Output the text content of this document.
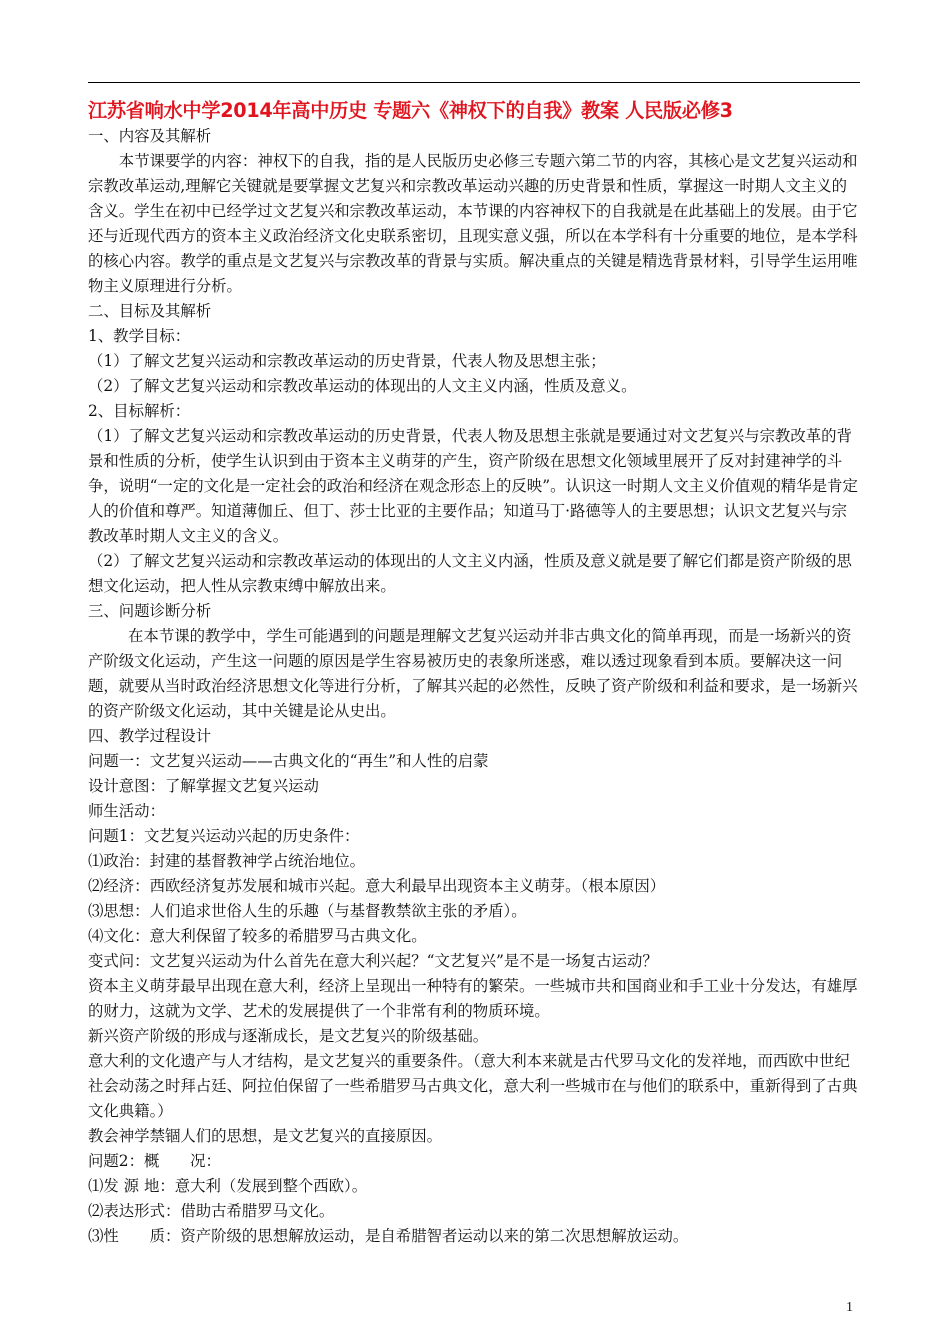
江苏省响水中学2014年高中历史 专题六《神权下的自我》教案 人民版必修3

一、内容及其解析

本节课要学的内容：神权下的自我，指的是人民版历史必修三专题六第二节的内容，其核心是文艺复兴运动和宗教改革运动,理解它关键就是要掌握文艺复兴和宗教改革运动兴趣的历史背景和性质，掌握这一时期人文主义的含义。学生在初中已经学过文艺复兴和宗教改革运动，本节课的内容神权下的自我就是在此基础上的发展。由于它还与近现代西方的资本主义政治经济文化史联系密切，且现实意义强，所以在本学科有十分重要的地位，是本学科的核心内容。教学的重点是文艺复兴与宗教改革的背景与实质。解决重点的关键是精选背景材料，引导学生运用唯物主义原理进行分析。

二、目标及其解析

1、教学目标：

（1）了解文艺复兴运动和宗教改革运动的历史背景，代表人物及思想主张；

（2）了解文艺复兴运动和宗教改革运动的体现出的人文主义内涵，性质及意义。

2、目标解析：

（1）了解文艺复兴运动和宗教改革运动的历史背景，代表人物及思想主张就是要通过对文艺复兴与宗教改革的背景和性质的分析，使学生认识到由于资本主义萌芽的产生，资产阶级在思想文化领域里展开了反对封建神学的斗争，说明“一定的文化是一定社会的政治和经济在观念形态上的反映”。认识这一时期人文主义价值观的精华是肯定人的价值和尊严。知道薄伽丘、但丁、莎士比亚的主要作品；知道马丁·路德等人的主要思想；认识文艺复兴与宗教改革时期人文主义的含义。

（2）了解文艺复兴运动和宗教改革运动的体现出的人文主义内涵，性质及意义就是要了解它们都是资产阶级的思想文化运动，把人性从宗教束缚中解放出来。

三、问题诊断分析

在本节课的教学中，学生可能遇到的问题是理解文艺复兴运动并非古典文化的简单再现，而是一场新兴的资产阶级文化运动，产生这一问题的原因是学生容易被历史的表象所迷惑，难以透过现象看到本质。要解决这一问题，就要从当时政治经济思想文化等进行分析，了解其兴起的必然性，反映了资产阶级和利益和要求，是一场新兴的资产阶级文化运动，其中关键是论从史出。

四、教学过程设计

问题一：文艺复兴运动——古典文化的“再生”和人性的启蒙

设计意图：了解掌握文艺复兴运动

师生活动：

问题1：文艺复兴运动兴起的历史条件：

⑴政治：封建的基督教神学占统治地位。

⑵经济：西欧经济复苏发展和城市兴起。意大利最早出现资本主义萌芽。（根本原因）

⑶思想：人们追求世俗人生的乐趣（与基督教禁欲主张的矛盾）。

⑷文化：意大利保留了较多的希腊罗马古典文化。

变式问：文艺复兴运动为什么首先在意大利兴起？“文艺复兴”是不是一场复古运动？

资本主义萌芽最早出现在意大利，经济上呈现出一种特有的繁荣。一些城市共和国商业和手工业十分发达，有雄厚的财力，这就为文学、艺术的发展提供了一个非常有利的物质环境。

新兴资产阶级的形成与逐渐成长，是文艺复兴的阶级基础。

意大利的文化遗产与人才结构，是文艺复兴的重要条件。（意大利本来就是古代罗马文化的发祥地，而西欧中世纪社会动荡之时拜占廷、阿拉伯保留了一些希腊罗马古典文化，意大利一些城市在与他们的联系中，重新得到了古典文化典籍。）

教会神学禁锢人们的思想，是文艺复兴的直接原因。

问题2：概　　况：

⑴发 源 地：意大利（发展到整个西欧）。

⑵表达形式：借助古希腊罗马文化。

⑶性　　质：资产阶级的思想解放运动，是自希腊智者运动以来的第二次思想解放运动。

1
